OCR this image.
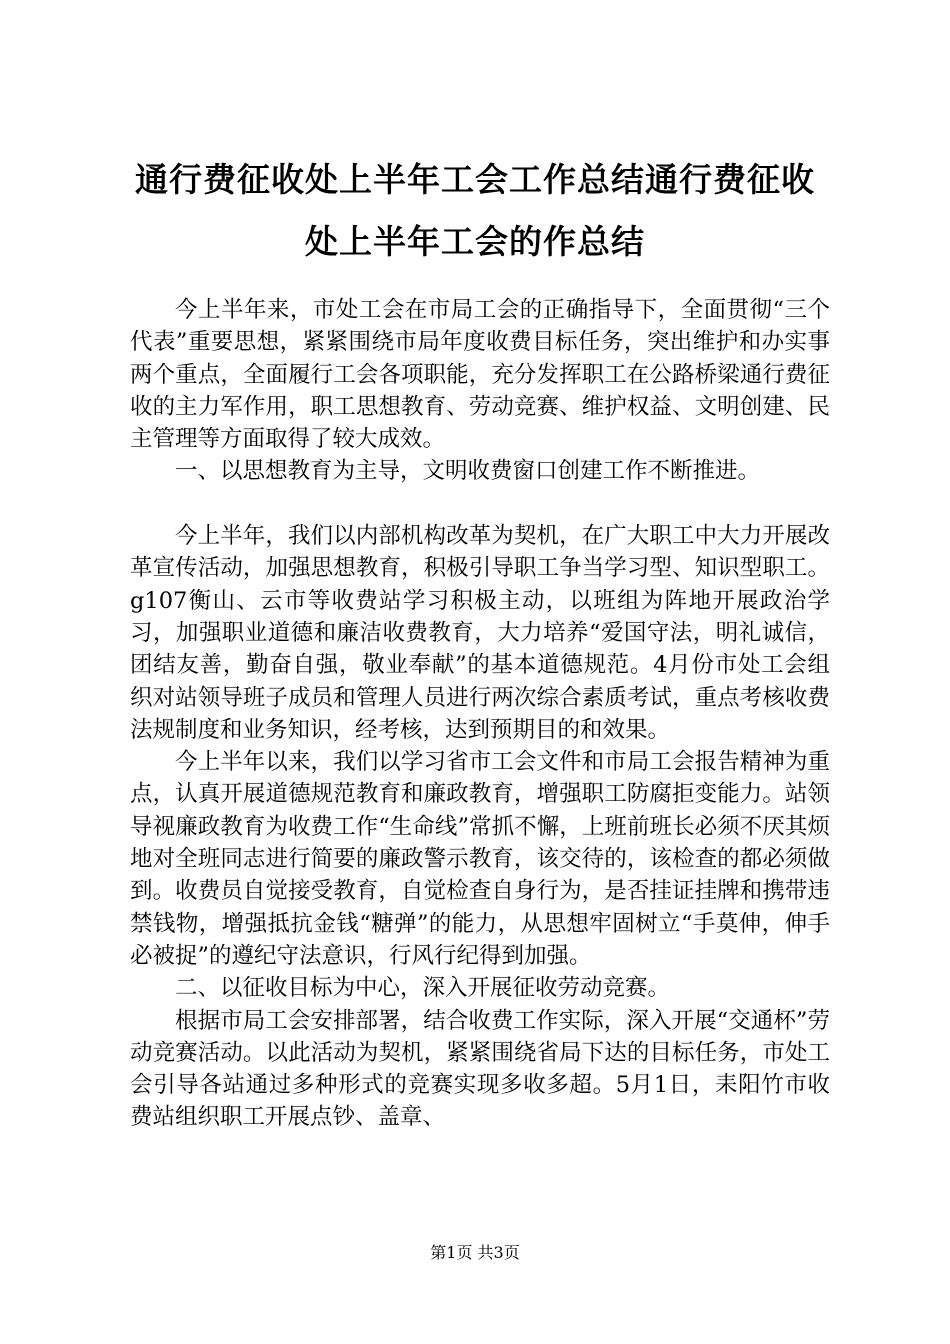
通行费征收处上半年工会工作总结通行费征收
处上半年工会的作总结

今上半年来，市处工会在市局工会的正确指导下，全面贯彻“三个代表”重要思想，紧紧围绕市局年度收费目标任务，突出维护和办实事两个重点，全面履行工会各项职能，充分发挥职工在公路桥梁通行费征收的主力军作用，职工思想教育、劳动竞赛、维护权益、文明创建、民主管理等方面取得了较大成效。

一、以思想教育为主导，文明收费窗口创建工作不断推进。

今上半年，我们以内部机构改革为契机，在广大职工中大力开展改革宣传活动，加强思想教育，积极引导职工争当学习型、知识型职工。g107衡山、云市等收费站学习积极主动，以班组为阵地开展政治学习，加强职业道德和廉洁收费教育，大力培养“爱国守法，明礼诚信，团结友善，勤奋自强，敬业奉献”的基本道德规范。4月份市处工会组织对站领导班子成员和管理人员进行两次综合素质考试，重点考核收费法规制度和业务知识，经考核，达到预期目的和效果。

今上半年以来，我们以学习省市工会文件和市局工会报告精神为重点，认真开展道德规范教育和廉政教育，增强职工防腐拒变能力。站领导视廉政教育为收费工作“生命线”常抓不懈，上班前班长必须不厌其烦地对全班同志进行简要的廉政警示教育，该交待的，该检查的都必须做到。收费员自觉接受教育，自觉检查自身行为，是否挂证挂牌和携带违禁钱物，增强抵抗金钱“糖弹”的能力，从思想牢固树立“手莫伸，伸手必被捉”的遵纪守法意识，行风行纪得到加强。

二、以征收目标为中心，深入开展征收劳动竞赛。

根据市局工会安排部署，结合收费工作实际，深入开展“交通杯”劳动竞赛活动。以此活动为契机，紧紧围绕省局下达的目标任务，市处工会引导各站通过多种形式的竞赛实现多收多超。5月1日，耒阳竹市收费站组织职工开展点钞、盖章、

第1页 共3页
